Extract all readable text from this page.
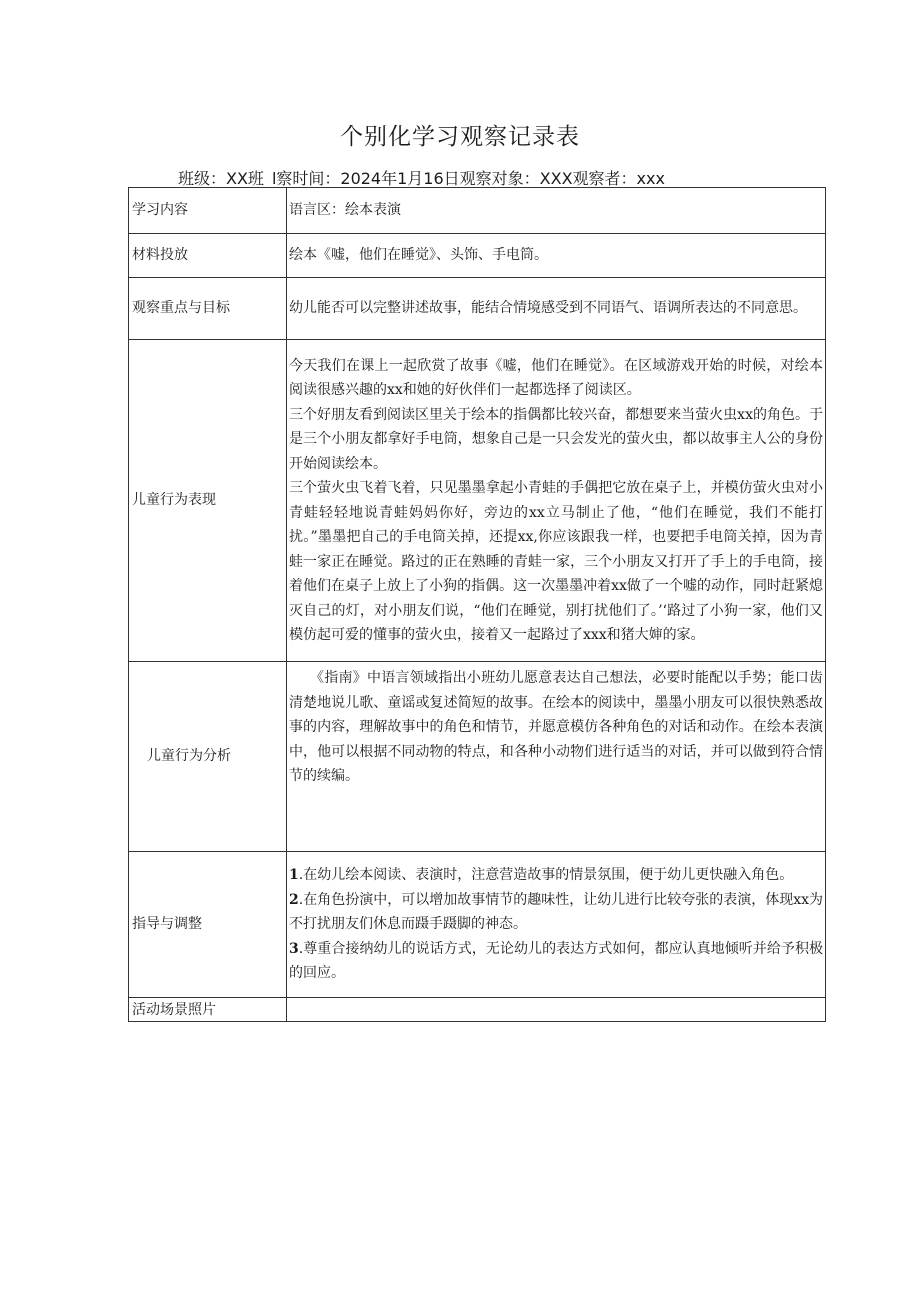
个别化学习观察记录表
班级：XX班 l察时间：2024年1月16日观察对象：XXX观察者：xxx
学习内容	语言区：绘本表演
材料投放	绘本《嘘，他们在睡觉》、头饰、手电筒。
观察重点与目标	幼儿能否可以完整讲述故事，能结合情境感受到不同语气、语调所表达的不同意思。
儿童行为表现	今天我们在课上一起欣赏了故事《嘘，他们在睡觉》。在区域游戏开始的时候，对绘本阅读很感兴趣的xx和她的好伙伴们一起都选择了阅读区。

三个好朋友看到阅读区里关于绘本的指偶都比较兴奋，都想要来当萤火虫xx的角色。于是三个小朋友都拿好手电筒，想象自己是一只会发光的萤火虫，都以故事主人公的身份开始阅读绘本。

三个萤火虫飞着飞着，只见墨墨拿起小青蛙的手偶把它放在桌子上，并模仿萤火虫对小青蛙轻轻地说青蛙妈妈你好，旁边的xx立马制止了他，“他们在睡觉，我们不能打扰。”墨墨把自己的手电筒关掉，还提xx,你应该跟我一样，也要把手电筒关掉，因为青蛙一家正在睡觉。路过的正在熟睡的青蛙一家，三个小朋友又打开了手上的手电筒，接着他们在桌子上放上了小狗的指偶。这一次墨墨冲着xx做了一个嘘的动作，同时赶紧熄灭自己的灯，对小朋友们说，“他们在睡觉，别打扰他们了。’‘路过了小狗一家，他们又模仿起可爱的懂事的萤火虫，接着又一起路过了xxx和猪大婶的家。

儿童行为分析	《指南》中语言领域指出小班幼儿愿意表达自己想法，必要时能配以手势；能口齿清楚地说儿歌、童谣或复述简短的故事。在绘本的阅读中，墨墨小朋友可以很快熟悉故事的内容，理解故事中的角色和情节，并愿意模仿各种角色的对话和动作。在绘本表演中，他可以根据不同动物的特点，和各种小动物们进行适当的对话，并可以做到符合情节的续编。

指导与调整	1.在幼儿绘本阅读、表演时，注意营造故事的情景氛围，便于幼儿更快融入角色。

2.在角色扮演中，可以增加故事情节的趣味性，让幼儿进行比较夸张的表演，体现xx为不打扰朋友们休息而蹑手蹑脚的神态。

3.尊重合接纳幼儿的说话方式，无论幼儿的表达方式如何，都应认真地倾听并给予积极的回应。

活动场景照片	
